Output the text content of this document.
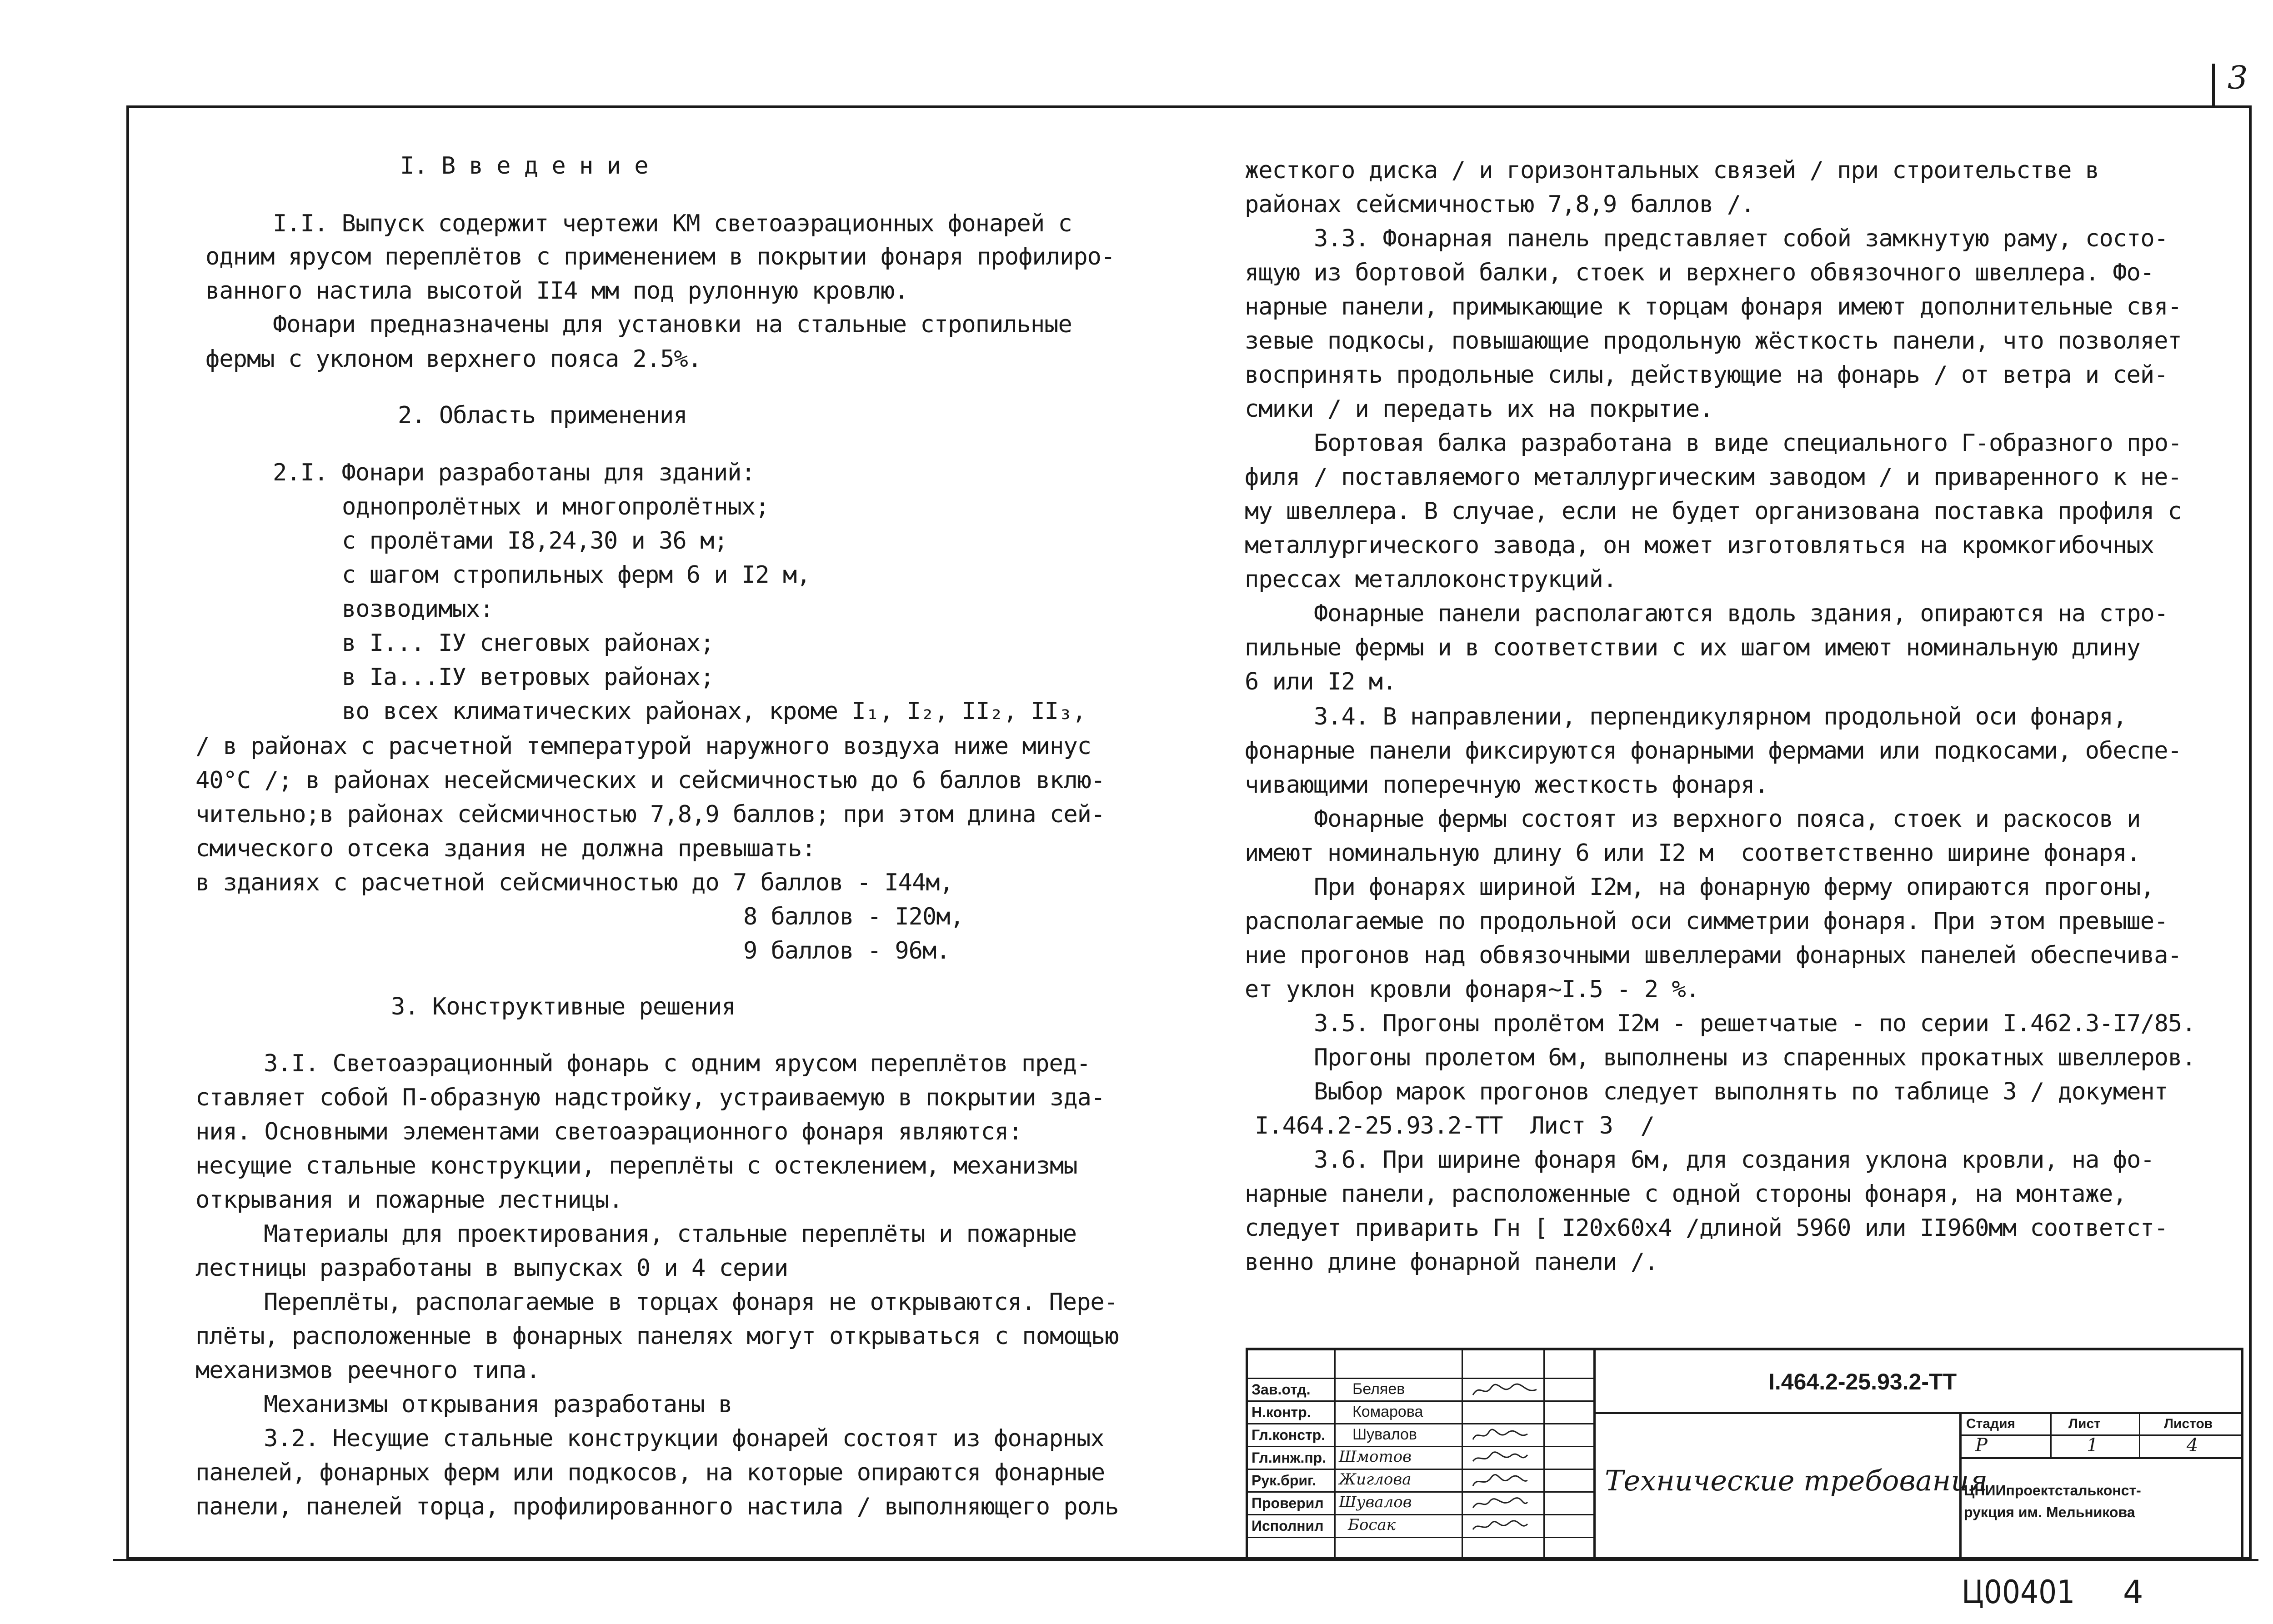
3
Ц00401 4
I. В в е д е н и е
I.I. Выпуск содержит чертежи КМ светоаэрационных фонарей с
одним ярусом переплётов с применением в покрытии фонаря профилиро-
ванного настила высотой II4 мм под рулонную кровлю.
Фонари предназначены для установки на стальные стропильные
фермы с уклоном верхнего пояса 2.5%.
2. Область применения
2.I. Фонари разработаны для зданий:
однопролётных и многопролётных;
с пролётами I8,24,30 и 36 м;
с шагом стропильных ферм 6 и I2 м,
возводимых:
в I... IУ снеговых районах;
в Iа...IУ ветровых районах;
во всех климатических районах, кроме I₁, I₂, II₂, II₃,
/ в районах с расчетной температурой наружного воздуха ниже минус
40°С /; в районах несейсмических и сейсмичностью до 6 баллов вклю-
чительно;в районах сейсмичностью 7,8,9 баллов; при этом длина сей-
смического отсека здания не должна превышать:
в зданиях с расчетной сейсмичностью до 7 баллов - I44м,
8 баллов - I20м,
9 баллов - 96м.
3. Конструктивные решения
3.I. Светоаэрационный фонарь с одним ярусом переплётов пред-
ставляет собой П-образную надстройку, устраиваемую в покрытии зда-
ния. Основными элементами светоаэрационного фонаря являются:
несущие стальные конструкции, переплёты с остеклением, механизмы
открывания и пожарные лестницы.
Материалы для проектирования, стальные переплёты и пожарные
лестницы разработаны в выпусках 0 и 4 серии
Переплёты, располагаемые в торцах фонаря не открываются. Пере-
плёты, расположенные в фонарных панелях могут открываться с помощью
механизмов реечного типа.
Механизмы открывания разработаны в
3.2. Несущие стальные конструкции фонарей состоят из фонарных
панелей, фонарных ферм или подкосов, на которые опираются фонарные
панели, панелей торца, профилированного настила / выполняющего роль
жесткого диска / и горизонтальных связей / при строительстве в
районах сейсмичностью 7,8,9 баллов /.
3.3. Фонарная панель представляет собой замкнутую раму, состо-
ящую из бортовой балки, стоек и верхнего обвязочного швеллера. Фо-
нарные панели, примыкающие к торцам фонаря имеют дополнительные свя-
зевые подкосы, повышающие продольную жёсткость панели, что позволяет
воспринять продольные силы, действующие на фонарь / от ветра и сей-
смики / и передать их на покрытие.
Бортовая балка разработана в виде специального Г-образного про-
филя / поставляемого металлургическим заводом / и приваренного к не-
му швеллера. В случае, если не будет организована поставка профиля с
металлургического завода, он может изготовляться на кромкогибочных
прессах металлоконструкций.
Фонарные панели располагаются вдоль здания, опираются на стро-
пильные фермы и в соответствии с их шагом имеют номинальную длину
6 или I2 м.
3.4. В направлении, перпендикулярном продольной оси фонаря,
фонарные панели фиксируются фонарными фермами или подкосами, обеспе-
чивающими поперечную жесткость фонаря.
Фонарные фермы состоят из верхного пояса, стоек и раскосов и
имеют номинальную длину 6 или I2 м  соответственно ширине фонаря.
При фонарях шириной I2м, на фонарную ферму опираются прогоны,
располагаемые по продольной оси симметрии фонаря. При этом превыше-
ние прогонов над обвязочными швеллерами фонарных панелей обеспечива-
ет уклон кровли фонаря~I.5 - 2 %.
3.5. Прогоны пролётом I2м - решетчатые - по серии I.462.3-I7/85.
Прогоны пролетом 6м, выполнены из спаренных прокатных швеллеров.
Выбор марок прогонов следует выполнять по таблице 3 / документ
I.464.2-25.93.2-ТТ  Лист 3  /
3.6. При ширине фонаря 6м, для создания уклона кровли, на фо-
нарные панели, расположенные с одной стороны фонаря, на монтаже,
следует приварить Гн [ I20х60х4 /длиной 5960 или II960мм соответст-
венно длине фонарной панели /.
Зав.отд.	Беляев
Н.контр.	Комарова
Гл.констр. Шувалов
Гл.инж.пр. Шмотов
Рук.бриг. Жиглова
Проверил Шувалов
Исполнил Босак
I.464.2-25.93.2-ТТ
Технические требования
Стадия	Лист	Листов
Р	1	4
ЦНИИпроектстальконст-
рукция им. Мельникова
